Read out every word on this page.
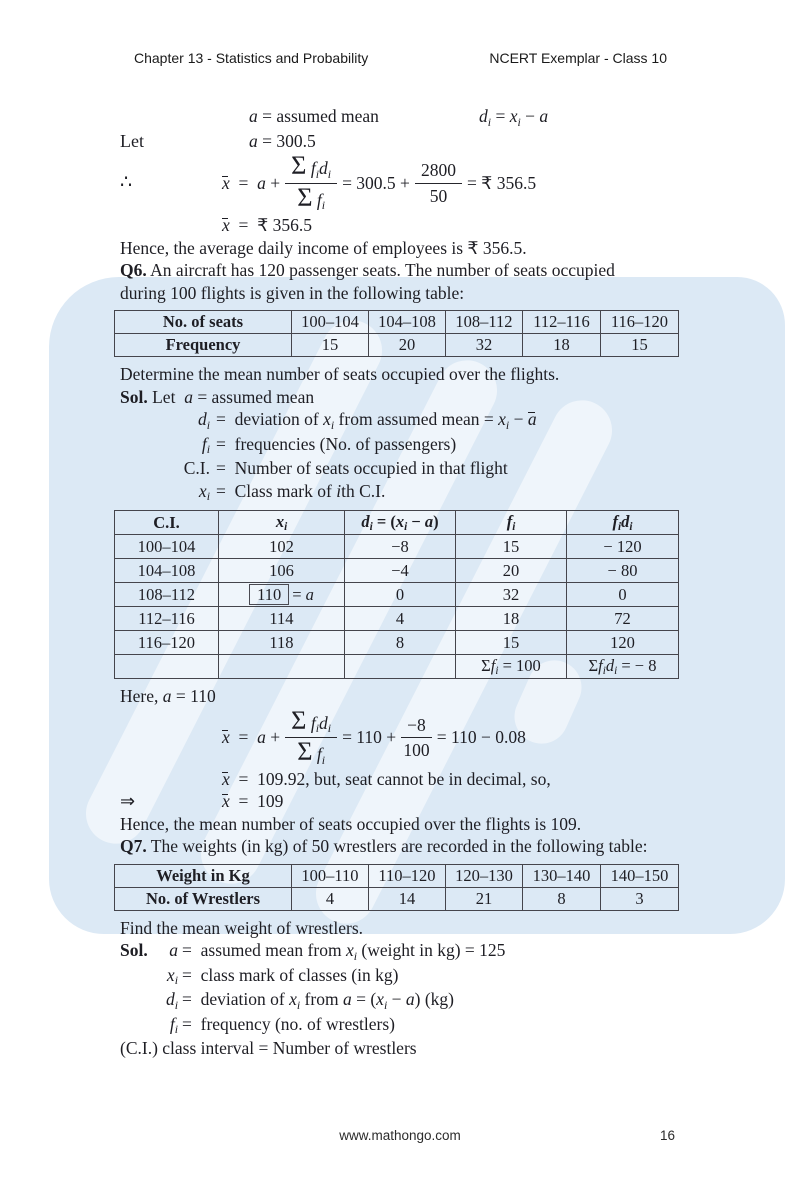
Chapter 13 - Statistics and Probability	NCERT Exemplar - Class 10
a = assumed mean	$d_i = x_i - a$
Let	a = 300.5
∴	$x = a + \frac{\Sigma f_id_i}{\Sigma f_i} = 300.5 + \frac{2800}{50}$ = ₹ 356.5
x  =  ₹ 356.5
Hence, the average daily income of employees is ₹ 356.5.
Q6. An aircraft has 120 passenger seats. The number of seats occupied
during 100 flights is given in the following table:
No. of seats	100–104	104–108	108–112	112–116	116–120
Frequency	15	20	32	18	15
Determine the mean number of seats occupied over the flights.
Sol. Let  a = assumed mean
$d_i$ =  deviation of $x_i$ from assumed mean = $x_i - a$
$f_i$ =  frequencies (No. of passengers)
C.I. =  Number of seats occupied in that flight
$x_i$ =  Class mark of ith C.I.
C.I.	$x_i$	$d_i = (x_i - a)$	$f_i$	$f_id_i$
100–104	102	−8	15	− 120
104–108	106	−4	20	− 80
108–112	110 = a	0	32	0
112–116	114	4	18	72
116–120	118	8	15	120
			$\Sigma f_i = 100$	$\Sigma f_id_i$ = − 8
Here, a = 110
$x = a + \frac{\Sigma f_id_i}{\Sigma f_i} = 110 + \frac{-8}{100} = 110 - 0.08$
x  =  109.92, but, seat cannot be in decimal, so,
⇒	x  =  109
Hence, the mean number of seats occupied over the flights is 109.
Q7. The weights (in kg) of 50 wrestlers are recorded in the following table:
Weight in Kg	100–110	110–120	120–130	130–140	140–150
No. of Wrestlers	4	14	21	8	3
Find the mean weight of wrestlers.
Sol. a =  assumed mean from $x_i$ (weight in kg) = 125
$x_i$ =  class mark of classes (in kg)
$d_i$ =  deviation of $x_i$ from $a = (x_i - a)$ (kg)
$f_i$ =  frequency (no. of wrestlers)
(C.I.) class interval = Number of wrestlers
www.mathongo.com	16
